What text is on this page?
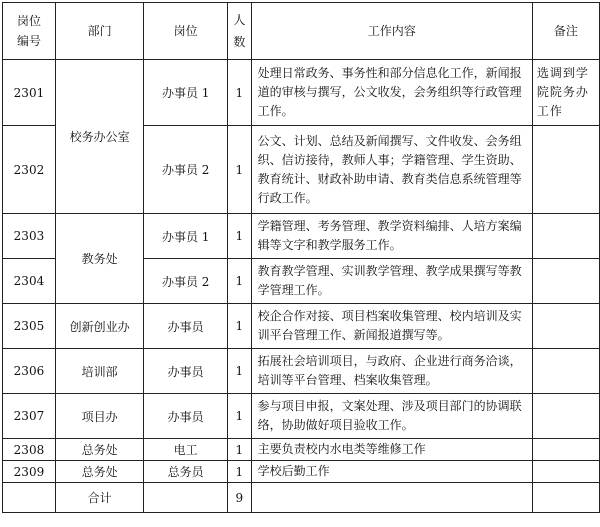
岗位编号	部门	岗位	人数	工作内容	备注
2301	校务办公室	办事员 1	1	处理日常政务、事务性和部分信息化工作，新闻报道的审核与撰写，公文收发，会务组织等行政管理工作。	选调到学院院务办工作
2302		办事员 2	1	公文、计划、总结及新闻撰写、文件收发、会务组织、信访接待，教师人事；学籍管理、学生资助、教育统计、财政补助申请、教育类信息系统管理等行政工作。	
2303	教务处	办事员 1	1	学籍管理、考务管理、教学资料编排、人培方案编辑等文字和教学服务工作。	
2304		办事员 2	1	教育教学管理、实训教学管理、教学成果撰写等教学管理工作。	
2305	创新创业办	办事员	1	校企合作对接、项目档案收集管理、校内培训及实训平台管理工作、新闻报道撰写等。	
2306	培训部	办事员	1	拓展社会培训项目，与政府、企业进行商务洽谈，培训等平台管理、档案收集管理。	
2307	项目办	办事员	1	参与项目申报，文案处理、涉及项目部门的协调联络，协助做好项目验收工作。	
2308	总务处	电工	1	主要负责校内水电类等维修工作	
2309	总务处	总务员	1	学校后勤工作	
	合计		9		
